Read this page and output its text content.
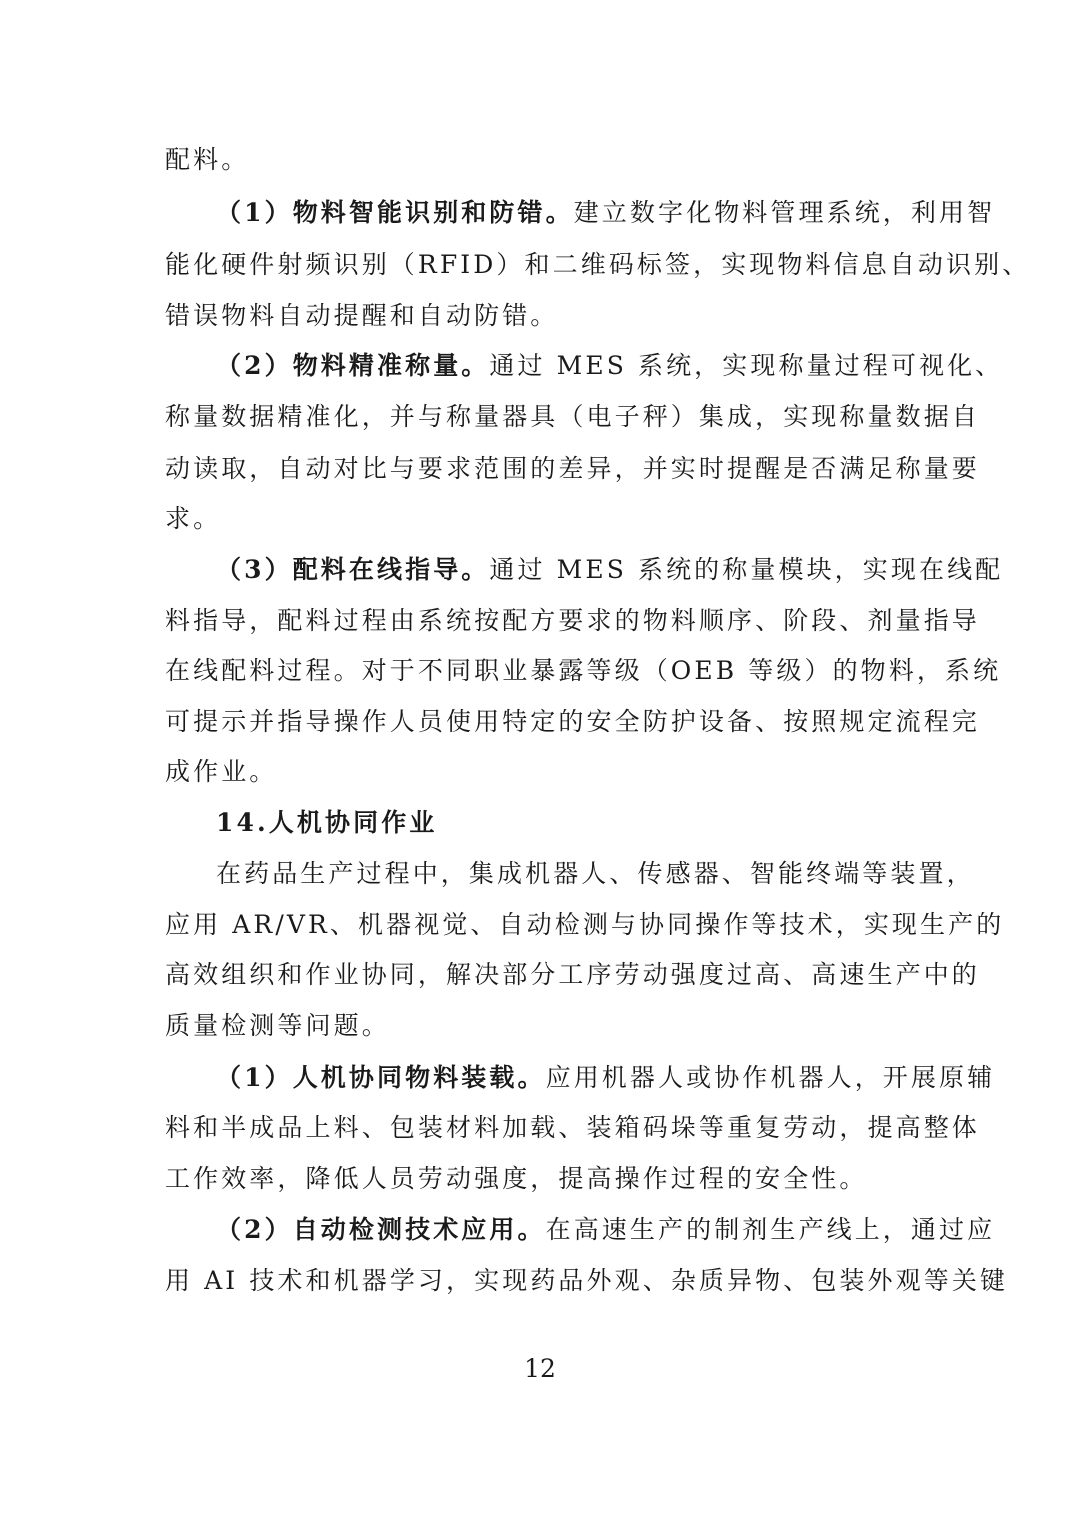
配料。
（1）物料智能识别和防错。建立数字化物料管理系统，利用智
能化硬件射频识别（RFID）和二维码标签，实现物料信息自动识别、
错误物料自动提醒和自动防错。
（2）物料精准称量。通过 MES 系统，实现称量过程可视化、
称量数据精准化，并与称量器具（电子秤）集成，实现称量数据自
动读取，自动对比与要求范围的差异，并实时提醒是否满足称量要
求。
（3）配料在线指导。通过 MES 系统的称量模块，实现在线配
料指导，配料过程由系统按配方要求的物料顺序、阶段、剂量指导
在线配料过程。对于不同职业暴露等级（OEB 等级）的物料，系统
可提示并指导操作人员使用特定的安全防护设备、按照规定流程完
成作业。
14.人机协同作业
在药品生产过程中，集成机器人、传感器、智能终端等装置，
应用 AR/VR、机器视觉、自动检测与协同操作等技术，实现生产的
高效组织和作业协同，解决部分工序劳动强度过高、高速生产中的
质量检测等问题。
（1）人机协同物料装载。应用机器人或协作机器人，开展原辅
料和半成品上料、包装材料加载、装箱码垛等重复劳动，提高整体
工作效率，降低人员劳动强度，提高操作过程的安全性。
（2）自动检测技术应用。在高速生产的制剂生产线上，通过应
用 AI 技术和机器学习，实现药品外观、杂质异物、包装外观等关键
12
